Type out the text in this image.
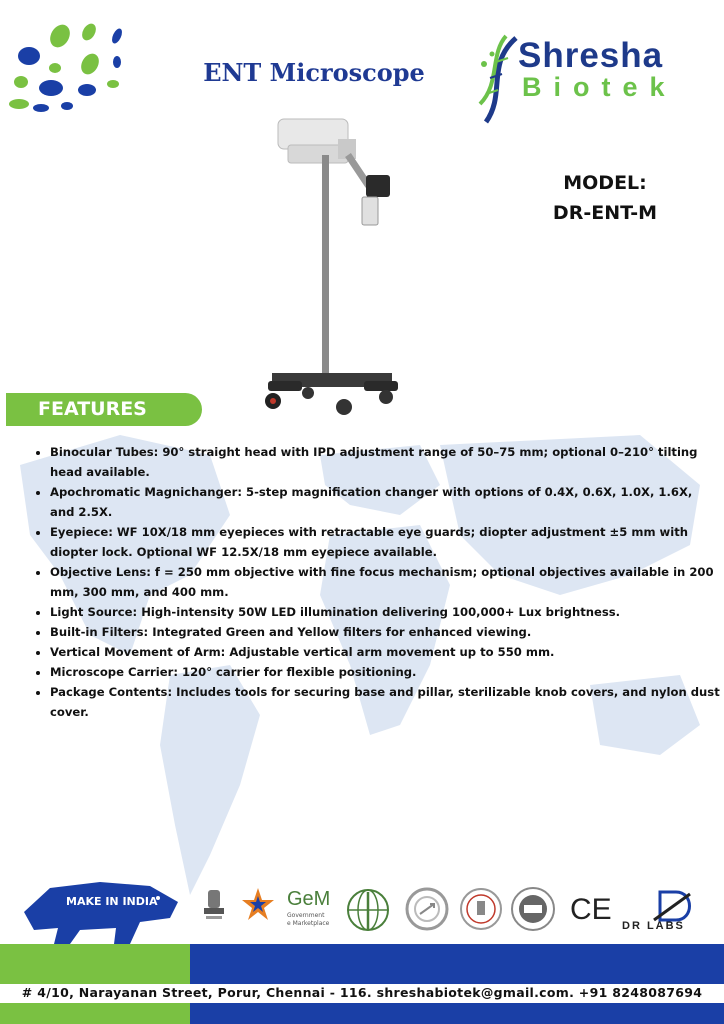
ENT Microscope	Shresha
Biotek
MODEL:
DR-ENT-M
FEATURES
• Binocular Tubes: 90° straight head with IPD adjustment range of 50–75 mm; optional 0–210° tilting head available.
• Apochromatic Magnichanger: 5-step magnification changer with options of 0.4X, 0.6X, 1.0X, 1.6X, and 2.5X.
• Eyepiece: WF 10X/18 mm eyepieces with retractable eye guards; diopter adjustment ±5 mm with diopter lock. Optional WF 12.5X/18 mm eyepiece available.
• Objective Lens: f = 250 mm objective with fine focus mechanism; optional objectives available in 200 mm, 300 mm, and 400 mm.
• Light Source: High-intensity 50W LED illumination delivering 100,000+ Lux brightness.
• Built-in Filters: Integrated Green and Yellow filters for enhanced viewing.
• Vertical Movement of Arm: Adjustable vertical arm movement up to 550 mm.
• Microscope Carrier: 120° carrier for flexible positioning.
• Package Contents: Includes tools for securing base and pillar, sterilizable knob covers, and nylon dust cover.
MAKE IN INDIA	GeM
Government
e Marketplace	CE DR LABS
# 4/10, Narayanan Street, Porur, Chennai - 116. shreshabiotek@gmail.com. +91 8248087694
